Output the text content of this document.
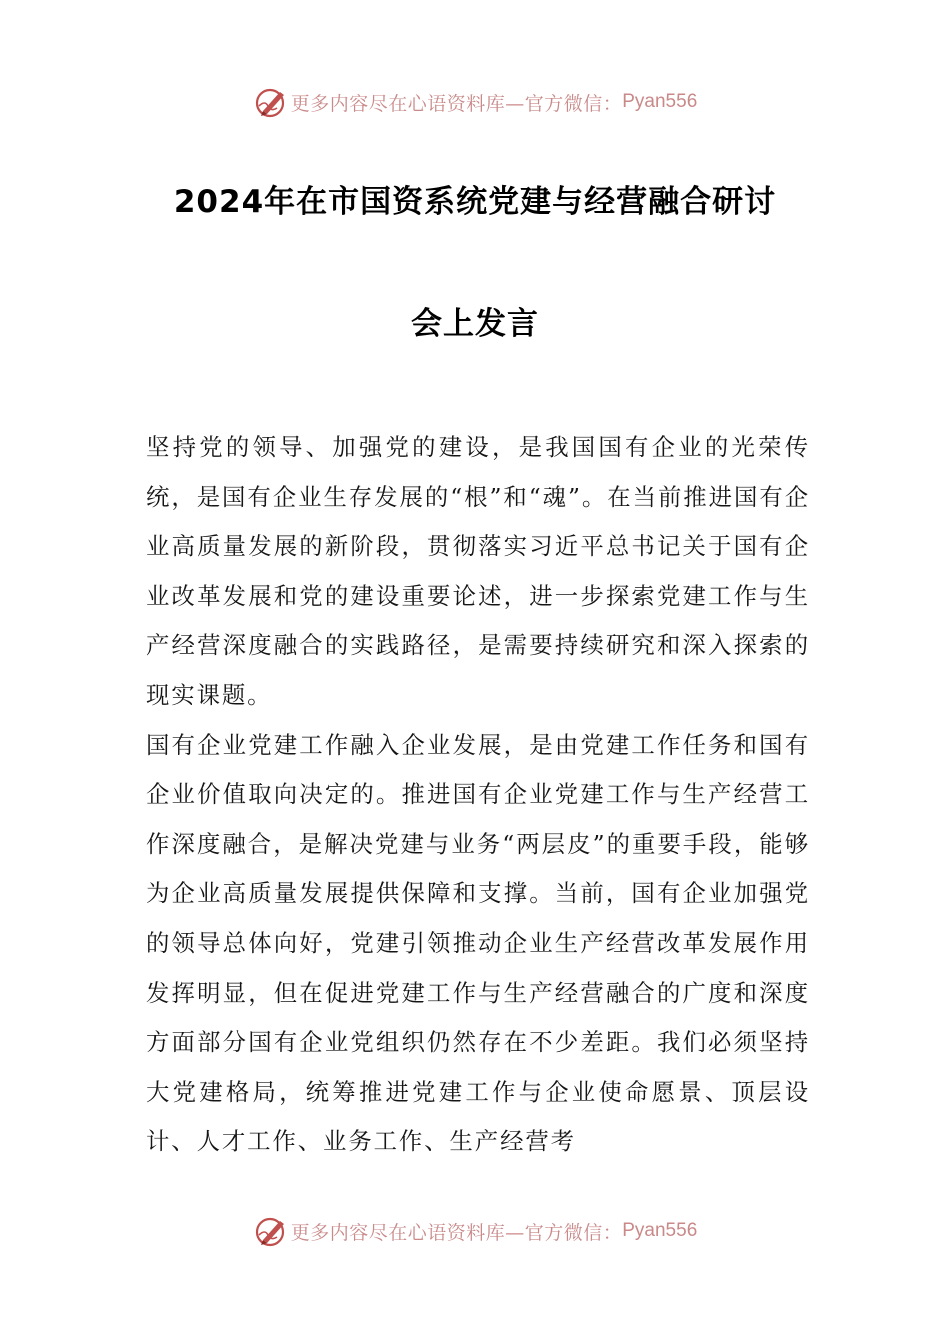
更多内容尽在心语资料库—官方微信： Pyan556
2024年在市国资系统党建与经营融合研讨
会上发言

坚持党的领导、加强党的建设，是我国国有企业的光荣传统，是国有企业生存发展的“根”和“魂”。在当前推进国有企业高质量发展的新阶段，贯彻落实习近平总书记关于国有企业改革发展和党的建设重要论述，进一步探索党建工作与生产经营深度融合的实践路径，是需要持续研究和深入探索的现实课题。

国有企业党建工作融入企业发展，是由党建工作任务和国有企业价值取向决定的。推进国有企业党建工作与生产经营工作深度融合，是解决党建与业务“两层皮”的重要手段，能够为企业高质量发展提供保障和支撑。当前，国有企业加强党的领导总体向好，党建引领推动企业生产经营改革发展作用发挥明显，但在促进党建工作与生产经营融合的广度和深度方面部分国有企业党组织仍然存在不少差距。我们必须坚持大党建格局，统筹推进党建工作与企业使命愿景、顶层设计、人才工作、业务工作、生产经营考

更多内容尽在心语资料库—官方微信： Pyan556
